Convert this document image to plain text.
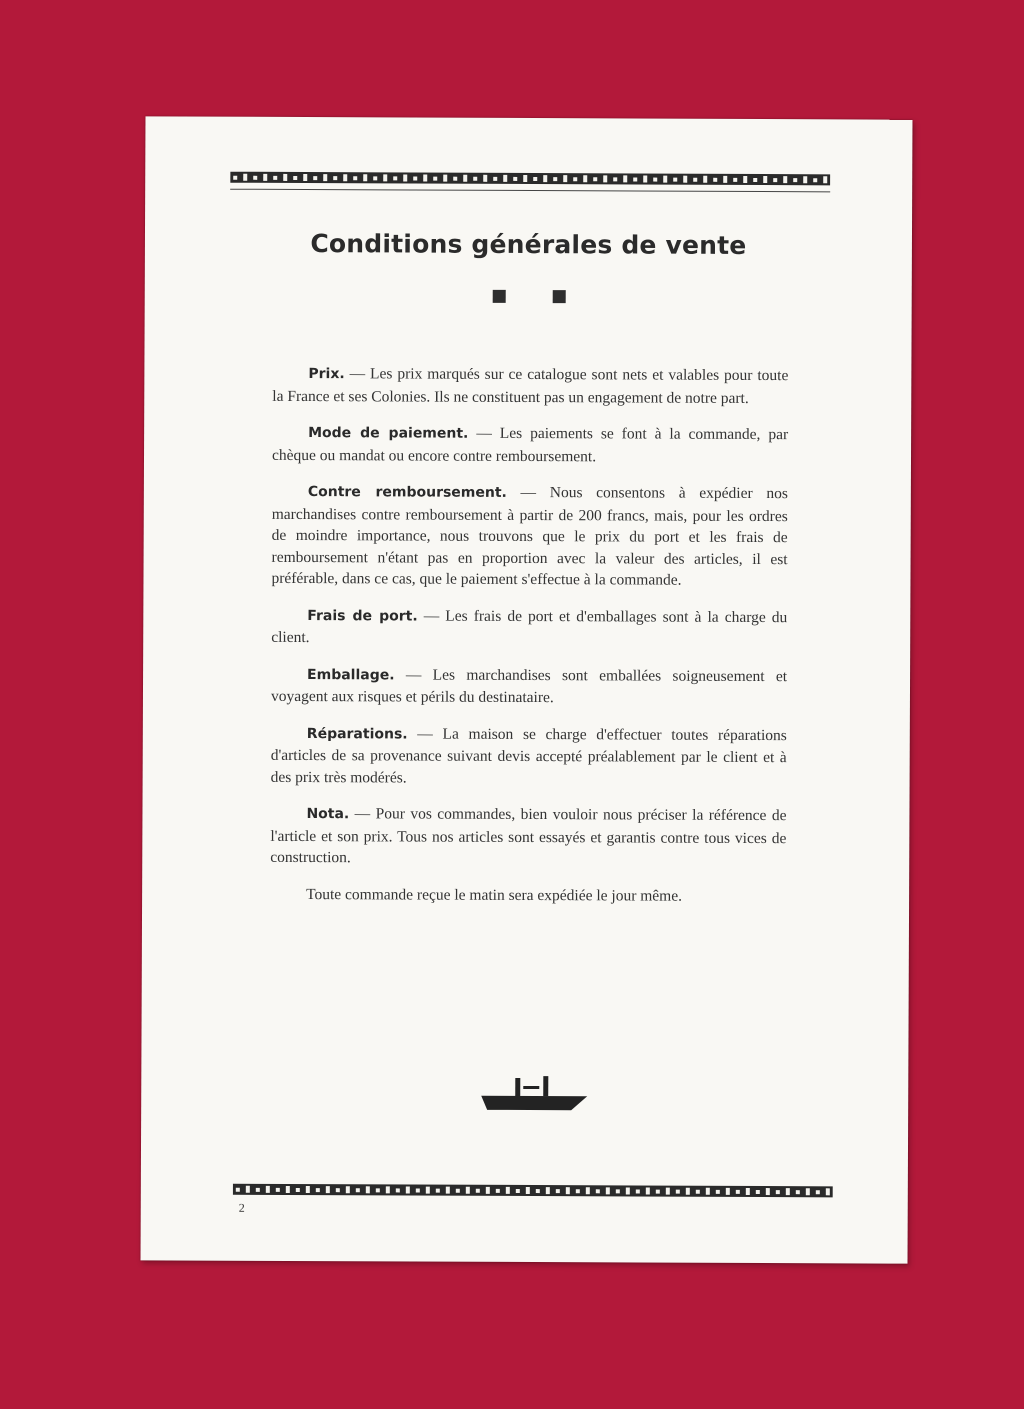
Conditions générales de vente

Prix. — Les prix marqués sur ce catalogue sont nets et valables pour toute la France et ses Colonies. Ils ne constituent pas un engagement de notre part.

Mode de paiement. — Les paiements se font à la commande, par chèque ou mandat ou encore contre remboursement.

Contre remboursement. — Nous consentons à expédier nos marchandises contre remboursement à partir de 200 francs, mais, pour les ordres de moindre importance, nous trouvons que le prix du port et les frais de remboursement n'étant pas en proportion avec la valeur des articles, il est préférable, dans ce cas, que le paiement s'effectue à la commande.

Frais de port. — Les frais de port et d'emballages sont à la charge du client.

Emballage. — Les marchandises sont emballées soigneusement et voyagent aux risques et périls du destinataire.

Réparations. — La maison se charge d'effectuer toutes réparations d'articles de sa provenance suivant devis accepté préalablement par le client et à des prix très modérés.

Nota. — Pour vos commandes, bien vouloir nous préciser la référence de l'article et son prix. Tous nos articles sont essayés et garantis contre tous vices de construction.

Toute commande reçue le matin sera expédiée le jour même.

2
